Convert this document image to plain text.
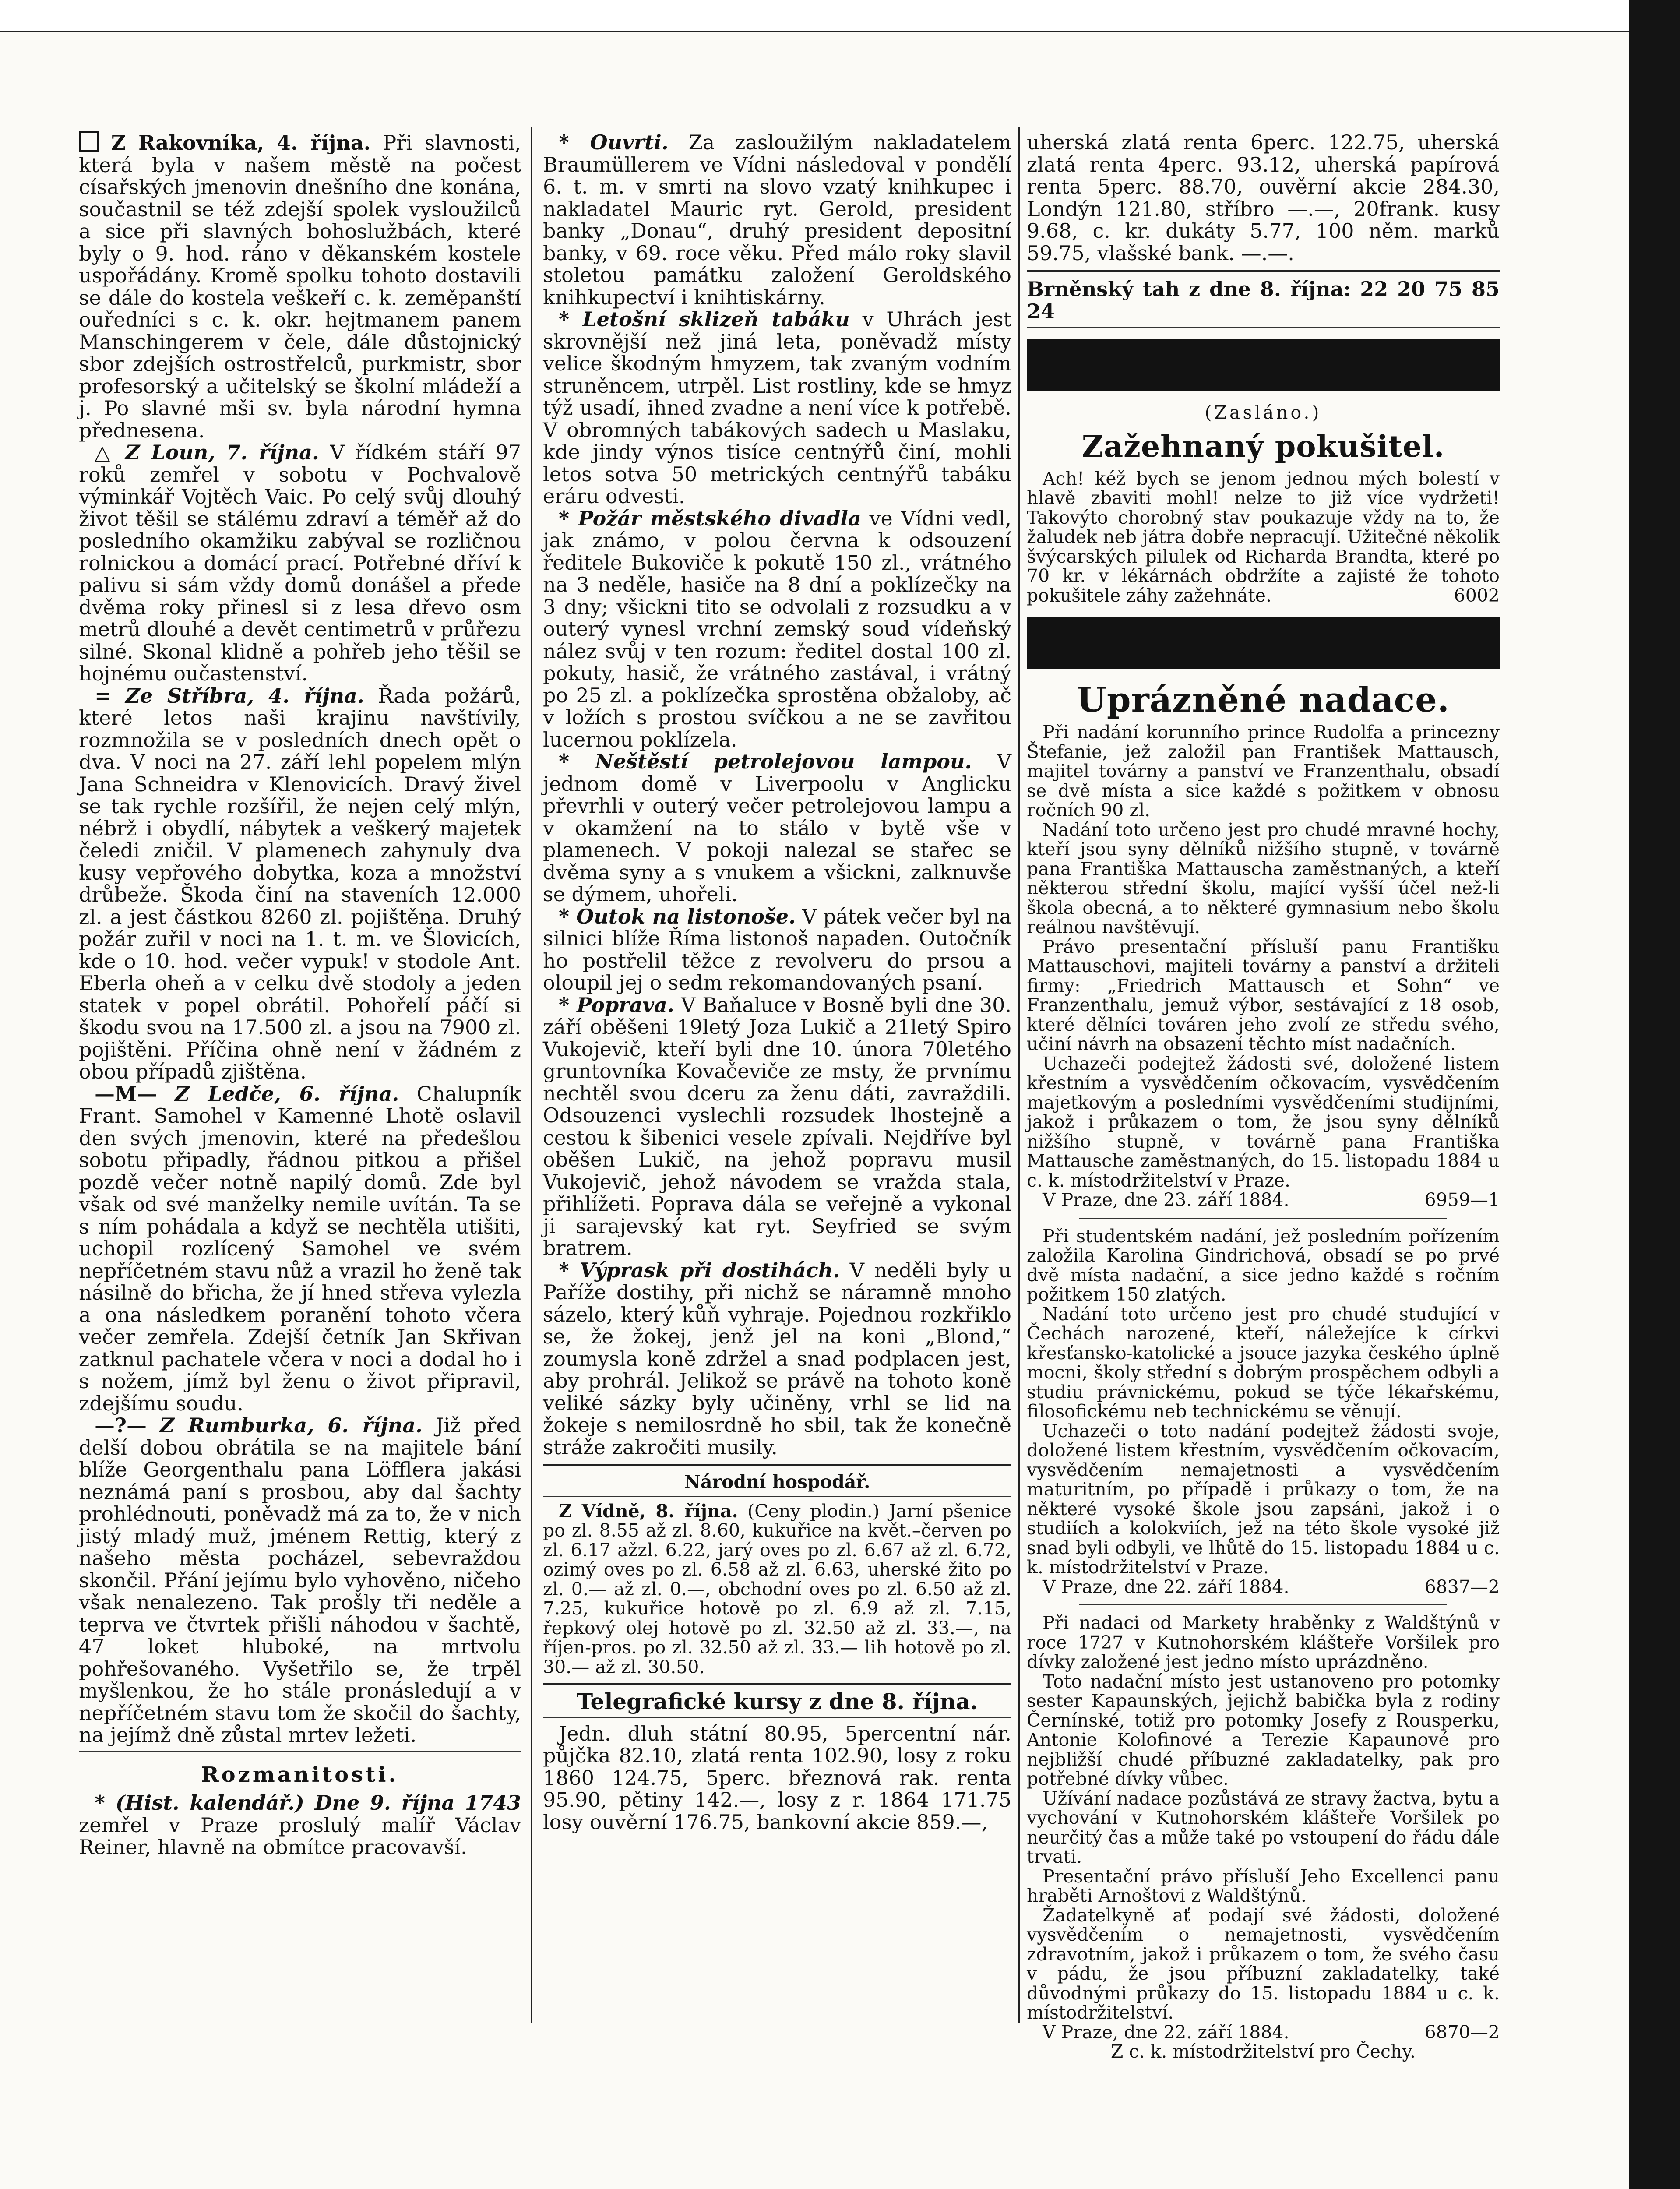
Z Rakovníka, 4. října. Při slavnosti, která byla v našem městě na počest císařských jmenovin dnešního dne konána, součastnil se též zdejší spolek vysloužilců a sice při slavných bohoslužbách, které byly o 9. hod. ráno v děkanském kostele uspořádány. Kromě spolku tohoto dostavili se dále do kostela veškeří c. k. zeměpanští ouředníci s c. k. okr. hejtmanem panem Manschingerem v čele, dále důstojnický sbor zdejších ostrostřelců, purkmistr, sbor profesorský a učitelský se školní mládeží a j. Po slavné mši sv. byla národní hymna přednesena.

△ Z Loun, 7. října. V řídkém stáří 97 roků zemřel v sobotu v Pochvalově výminkář Vojtěch Vaic. Po celý svůj dlouhý život těšil se stálému zdraví a téměř až do posledního okamžiku zabýval se rozličnou rolnickou a domácí prací. Potřebné dříví k palivu si sám vždy domů donášel a přede dvěma roky přinesl si z lesa dřevo osm metrů dlouhé a devět centimetrů v průřezu silné. Skonal klidně a pohřeb jeho těšil se hojnému oučastenství.

= Ze Stříbra, 4. října. Řada požárů, které letos naši krajinu navštívily, rozmnožila se v posledních dnech opět o dva. V noci na 27. září lehl popelem mlýn Jana Schneidra v Klenovicích. Dravý živel se tak rychle rozšířil, že nejen celý mlýn, nébrž i obydlí, nábytek a veškerý majetek čeledi zničil. V plamenech zahynuly dva kusy vepřového dobytka, koza a množství drůbeže. Škoda činí na staveních 12.000 zl. a jest částkou 8260 zl. pojištěna. Druhý požár zuřil v noci na 1. t. m. ve Šlovicích, kde o 10. hod. večer vypuk! v stodole Ant. Eberla oheň a v celku dvě stodoly a jeden statek v popel obrátil. Pohořelí páčí si škodu svou na 17.500 zl. a jsou na 7900 zl. pojištěni. Příčina ohně není v žádném z obou případů zjištěna.

—M— Z Ledče, 6. října. Chalupník Frant. Samohel v Kamenné Lhotě oslavil den svých jmenovin, které na předešlou sobotu připadly, řádnou pitkou a přišel pozdě večer notně napilý domů. Zde byl však od své manželky nemile uvítán. Ta se s ním pohádala a když se nechtěla utišiti, uchopil rozlícený Samohel ve svém nepříčetném stavu nůž a vrazil ho ženě tak násilně do břicha, že jí hned střeva vylezla a ona následkem poranění tohoto včera večer zemřela. Zdejší četník Jan Skřivan zatknul pachatele včera v noci a dodal ho i s nožem, jímž byl ženu o život připravil, zdejšímu soudu.

—?— Z Rumburka, 6. října. Již před delší dobou obrátila se na majitele bání blíže Georgenthalu pana Löfflera jakási neznámá paní s prosbou, aby dal šachty prohlédnouti, poněvadž má za to, že v nich jistý mladý muž, jménem Rettig, který z našeho města pocházel, sebevraždou skončil. Přání jejímu bylo vyhověno, ničeho však nenalezeno. Tak prošly tři neděle a teprva ve čtvrtek přišli náhodou v šachtě, 47 loket hluboké, na mrtvolu pohřešovaného. Vyšetřilo se, že trpěl myšlenkou, že ho stále pronásledují a v nepříčetném stavu tom že skočil do šachty, na jejímž dně zůstal mrtev ležeti.

Rozmanitosti.

* (Hist. kalendář.) Dne 9. října 1743 zemřel v Praze proslulý malíř Václav Reiner, hlavně na obmítce pracovavší.

* Ouvrti. Za zasloužilým nakladatelem Braumüllerem ve Vídni následoval v pondělí 6. t. m. v smrti na slovo vzatý knihkupec i nakladatel Mauric ryt. Gerold, president banky „Donau“, druhý president depositní banky, v 69. roce věku. Před málo roky slavil stoletou památku založení Geroldského knihkupectví i knihtiskárny.

* Letošní sklizeň tabáku v Uhrách jest skrovnější než jiná leta, poněvadž místy velice škodným hmyzem, tak zvaným vodním struněncem, utrpěl. List rostliny, kde se hmyz týž usadí, ihned zvadne a není více k potřebě. V obromných tabákových sadech u Maslaku, kde jindy výnos tisíce centnýřů činí, mohli letos sotva 50 metrických centnýřů tabáku eráru odvesti.

* Požár městského divadla ve Vídni vedl, jak známo, v polou června k odsouzení ředitele Bukoviče k pokutě 150 zl., vrátného na 3 neděle, hasiče na 8 dní a poklízečky na 3 dny; všickni tito se odvolali z rozsudku a v outerý vynesl vrchní zemský soud vídeňský nález svůj v ten rozum: ředitel dostal 100 zl. pokuty, hasič, že vrátného zastával, i vrátný po 25 zl. a poklízečka sprostěna obžaloby, ač v ložích s prostou svíčkou a ne se zavřitou lucernou poklízela.

* Neštěstí petrolejovou lampou. V jednom domě v Liverpoolu v Anglicku převrhli v outerý večer petrolejovou lampu a v okamžení na to stálo v bytě vše v plamenech. V pokoji nalezal se stařec se dvěma syny a s vnukem a všickni, zalknuvše se dýmem, uhořeli.

* Outok na listonoše. V pátek večer byl na silnici blíže Říma listonoš napaden. Outočník ho postřelil těžce z revolveru do prsou a oloupil jej o sedm rekomandovaných psaní.

* Poprava. V Baňaluce v Bosně byli dne 30. září oběšeni 19letý Joza Lukič a 21letý Spiro Vukojevič, kteří byli dne 10. února 70letého gruntovníka Kovačeviče ze msty, že prvnímu nechtěl svou dceru za ženu dáti, zavraždili. Odsouzenci vyslechli rozsudek lhostejně a cestou k šibenici vesele zpívali. Nejdříve byl oběšen Lukič, na jehož popravu musil Vukojevič, jehož návodem se vražda stala, přihlížeti. Poprava dála se veřejně a vykonal ji sarajevský kat ryt. Seyfried se svým bratrem.

* Výprask při dostihách. V neděli byly u Paříže dostihy, při nichž se náramně mnoho sázelo, který kůň vyhraje. Pojednou rozkřiklo se, že žokej, jenž jel na koni „Blond,“ zoumysla koně zdržel a snad podplacen jest, aby prohrál. Jelikož se právě na tohoto koně veliké sázky byly učiněny, vrhl se lid na žokeje s nemilosrdně ho sbil, tak že konečně stráže zakročiti musily.

Národní hospodář.

Z Vídně, 8. října. (Ceny plodin.) Jarní pšenice po zl. 8.55 až zl. 8.60, kukuřice na květ.–červen po zl. 6.17 ažzl. 6.22, jarý oves po zl. 6.67 až zl. 6.72, ozimý oves po zl. 6.58 až zl. 6.63, uherské žito po zl. 0.— až zl. 0.—, obchodní oves po zl. 6.50 až zl. 7.25, kukuřice hotově po zl. 6.9 až zl. 7.15, řepkový olej hotově po zl. 32.50 až zl. 33.—, na říjen-pros. po zl. 32.50 až zl. 33.— lih hotově po zl. 30.— až zl. 30.50.

Telegrafické kursy z dne 8. října.

Jedn. dluh státní 80.95, 5percentní nár. půjčka 82.10, zlatá renta 102.90, losy z roku 1860 124.75, 5perc. březnová rak. renta 95.90, pětiny 142.—, losy z r. 1864 171.75 losy ouvěrní 176.75, bankovní akcie 859.—,

uherská zlatá renta 6perc. 122.75, uherská zlatá renta 4perc. 93.12, uherská papírová renta 5perc. 88.70, ouvěrní akcie 284.30, Londýn 121.80, stříbro —.—, 20frank. kusy 9.68, c. kr. dukáty 5.77, 100 něm. marků 59.75, vlašské bank. —.—.

Brněnský tah z dne 8. října: 22 20 75 85 24

(Zasláno.)
Zažehnaný pokušitel.

Ach! kéž bych se jenom jednou mých bolestí v hlavě zbaviti mohl! nelze to již více vydržeti! Takovýto chorobný stav poukazuje vždy na to, že žaludek neb játra dobře nepracují. Užitečné několik švýcarských pilulek od Richarda Brandta, které po 70 kr. v lékárnách obdržíte a zajisté že tohoto pokušitele záhy zažehnáte.	6002

Uprázněné nadace.

Při nadání korunního prince Rudolfa a princezny Štefanie, jež založil pan František Mattausch, majitel továrny a panství ve Franzenthalu, obsadí se dvě místa a sice každé s požitkem v obnosu ročních 90 zl.

Nadání toto určeno jest pro chudé mravné hochy, kteří jsou syny dělníků nižšího stupně, v továrně pana Františka Mattauscha zaměstnaných, a kteří některou střední školu, mající vyšší účel než-li škola obecná, a to některé gymnasium nebo školu reálnou navštěvují.

Právo presentační přísluší panu Františku Mattauschovi, majiteli továrny a panství a držiteli firmy: „Friedrich Mattausch et Sohn“ ve Franzenthalu, jemuž výbor, sestávající z 18 osob, které dělníci továren jeho zvolí ze středu svého, učiní návrh na obsazení těchto míst nadačních.

Uchazeči podejtež žádosti své, doložené listem křestním a vysvědčením očkovacím, vysvědčením majetkovým a posledními vysvědčeními studijními, jakož i průkazem o tom, že jsou syny dělníků nižšího stupně, v továrně pana Františka Mattausche zaměstnaných, do 15. listopadu 1884 u c. k. místodržitelství v Praze.

V Praze, dne 23. září 1884.	6959—1

Při studentském nadání, jež posledním pořízením založila Karolina Gindrichová, obsadí se po prvé dvě místa nadační, a sice jedno každé s ročním požitkem 150 zlatých.

Nadání toto určeno jest pro chudé studující v Čechách narozené, kteří, náležejíce k církvi křesťansko-katolické a jsouce jazyka českého úplně mocni, školy střední s dobrým prospěchem odbyli a studiu právnickému, pokud se týče lékařskému, filosofickému neb technickému se věnují.

Uchazeči o toto nadání podejtež žádosti svoje, doložené listem křestním, vysvědčením očkovacím, vysvědčením nemajetnosti a vysvědčením maturitním, po případě i průkazy o tom, že na některé vysoké škole jsou zapsáni, jakož i o studiích a kolokviích, jež na této škole vysoké již snad byli odbyli, ve lhůtě do 15. listopadu 1884 u c. k. místodržitelství v Praze.

V Praze, dne 22. září 1884.	6837—2

Při nadaci od Markety hraběnky z Waldštýnů v roce 1727 v Kutnohorském klášteře Voršilek pro dívky založené jest jedno místo uprázdněno.

Toto nadační místo jest ustanoveno pro potomky sester Kapaunských, jejichž babička byla z rodiny Černínské, totiž pro potomky Josefy z Rousperku, Antonie Kolofinové a Terezie Kapaunové pro nejbližší chudé příbuzné zakladatelky, pak pro potřebné dívky vůbec.

Užívání nadace pozůstává ze stravy žactva, bytu a vychování v Kutnohorském klášteře Voršilek po neurčitý čas a může také po vstoupení do řádu dále trvati.

Presentační právo přísluší Jeho Excellenci panu hraběti Arnoštovi z Waldštýnů.

Žadatelkyně ať podají své žádosti, doložené vysvědčením o nemajetnosti, vysvědčením zdravotním, jakož i průkazem o tom, že svého času v pádu, že jsou příbuzní zakladatelky, také důvodnými průkazy do 15. listopadu 1884 u c. k. místodržitelství.

V Praze, dne 22. září 1884.	6870—2
Z c. k. místodržitelství pro Čechy.
